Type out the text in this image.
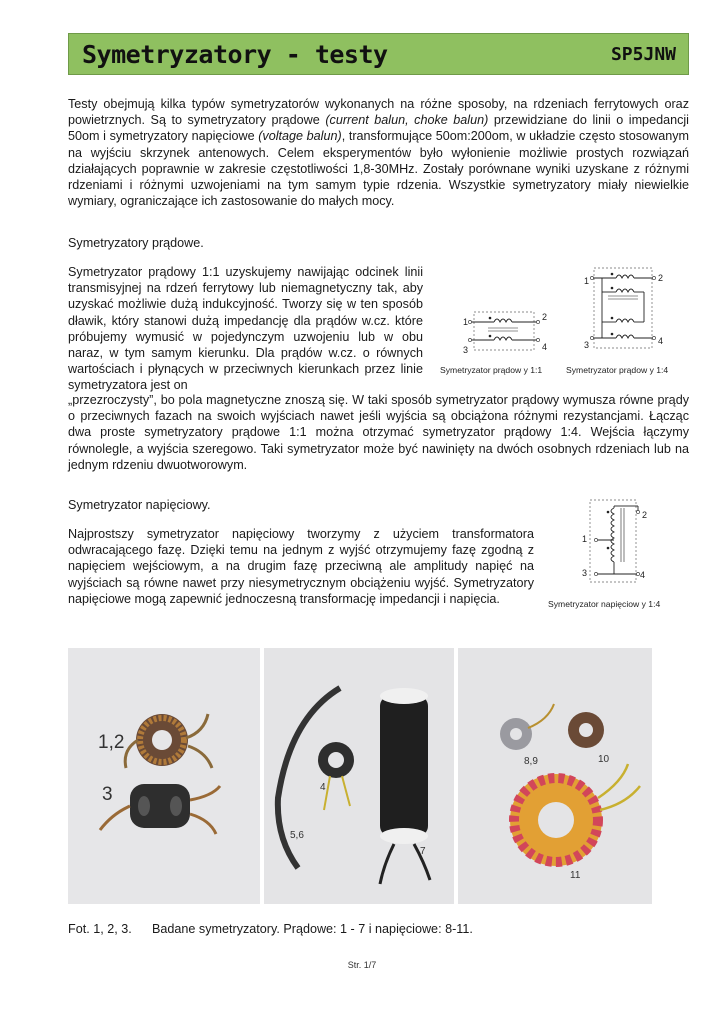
Symetryzatory - testy	SP5JNW

Testy obejmują kilka typów symetryzatorów wykonanych na różne sposoby, na rdzeniach ferrytowych oraz powietrznych. Są to symetryzatory prądowe (current balun, choke balun) przewidziane do linii o impedancji 50om i symetryzatory napięciowe (voltage balun), transformujące 50om:200om, w układzie często stosowanym na wyjściu skrzynek antenowych. Celem eksperymentów było wyłonienie możliwie prostych rozwiązań działających poprawnie w zakresie częstotliwości 1,8-30MHz. Zostały porównane wyniki uzyskane z różnymi rdzeniami i różnymi uzwojeniami na tym samym typie rdzenia. Wszystkie symetryzatory miały niewielkie wymiary, ograniczające ich zastosowanie do małych mocy.

Symetryzatory prądowe.

Symetryzator prądowy 1:1 uzyskujemy nawijając odcinek linii transmisyjnej na rdzeń ferrytowy lub niemagnetyczny tak, aby uzyskać możliwie dużą indukcyjność. Tworzy się w ten sposób dławik, który stanowi dużą impedancję dla prądów w.cz. które próbujemy wymusić w pojedynczym uzwojeniu lub w obu naraz, w tym samym kierunku. Dla prądów w.cz. o równych wartościach i płynących w przeciwnych kierunkach przez linie symetryzatora jest on

„przezroczysty”, bo pola magnetyczne znoszą się. W taki sposób symetryzator prądowy wymusza równe prądy o przeciwnych fazach na swoich wyjściach nawet jeśli wyjścia są obciążona różnymi rezystancjami. Łącząc dwa proste symetryzatory prądowe 1:1 można otrzymać symetryzator prądowy 1:4. Wejścia łączymy równolegle, a wyjścia szeregowo. Taki symetryzator może być nawinięty na dwóch osobnych rdzeniach lub na jednym rdzeniu dwuotworowym.

1
3
2
4
Symetryzator prądow y 1:1
1
3
2
4
Symetryzator prądow y 1:4
Symetryzator napięciowy.

Najprostszy symetryzator napięciowy tworzymy z użyciem transformatora odwracającego fazę. Dzięki temu na jednym z wyjść otrzymujemy fazę zgodną z napięciem wejściowym, a na drugim fazę przeciwną ale amplitudy napięć na wyjściach są równe nawet przy niesymetrycznym obciążeniu wyjść. Symetryzatory napięciowe mogą zapewnić jednoczesną transformację impedancji i napięcia.

1
3
2
4
Symetryzator napięciow y 1:4
1,2
3	4
5,6
7
8,9	10
11
Fot. 1, 2, 3. Badane symetryzatory. Prądowe: 1 - 7 i napięciowe: 8-11.
Str. 1/7
